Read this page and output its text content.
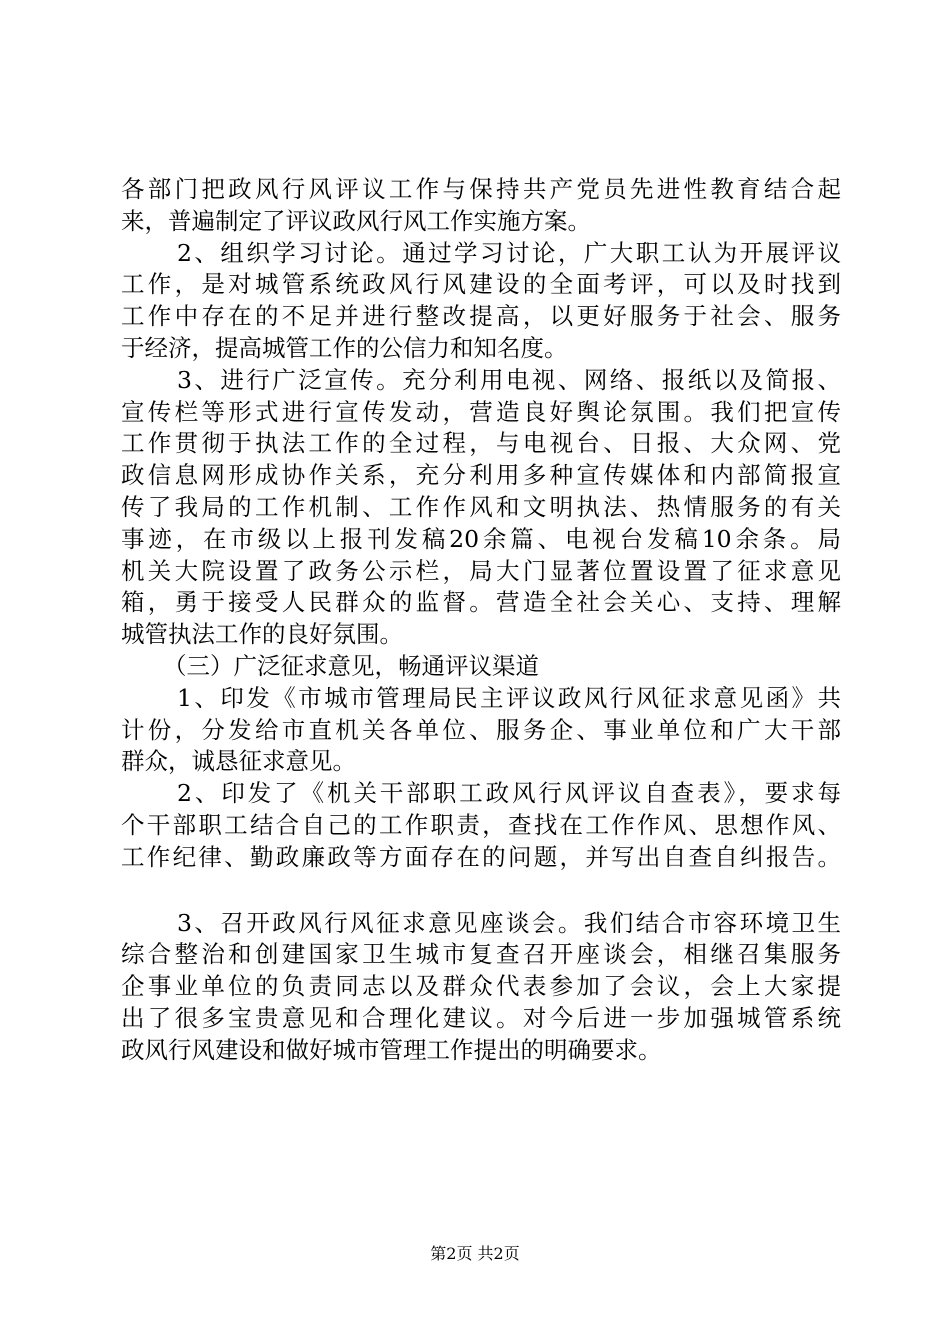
各部门把政风行风评议工作与保持共产党员先进性教育结合起
来，普遍制定了评议政风行风工作实施方案。
2、组织学习讨论。通过学习讨论，广大职工认为开展评议
工作，是对城管系统政风行风建设的全面考评，可以及时找到
工作中存在的不足并进行整改提高，以更好服务于社会、服务
于经济，提高城管工作的公信力和知名度。
3、进行广泛宣传。充分利用电视、网络、报纸以及简报、
宣传栏等形式进行宣传发动，营造良好舆论氛围。我们把宣传
工作贯彻于执法工作的全过程，与电视台、日报、大众网、党
政信息网形成协作关系，充分利用多种宣传媒体和内部简报宣
传了我局的工作机制、工作作风和文明执法、热情服务的有关
事迹，在市级以上报刊发稿20余篇、电视台发稿10余条。局
机关大院设置了政务公示栏，局大门显著位置设置了征求意见
箱，勇于接受人民群众的监督。营造全社会关心、支持、理解
城管执法工作的良好氛围。
（三）广泛征求意见，畅通评议渠道
1、印发《市城市管理局民主评议政风行风征求意见函》共
计份，分发给市直机关各单位、服务企、事业单位和广大干部
群众，诚恳征求意见。
2、印发了《机关干部职工政风行风评议自查表》，要求每
个干部职工结合自己的工作职责，查找在工作作风、思想作风、
工作纪律、勤政廉政等方面存在的问题，并写出自查自纠报告。
3、召开政风行风征求意见座谈会。我们结合市容环境卫生
综合整治和创建国家卫生城市复查召开座谈会，相继召集服务
企事业单位的负责同志以及群众代表参加了会议，会上大家提
出了很多宝贵意见和合理化建议。对今后进一步加强城管系统
政风行风建设和做好城市管理工作提出的明确要求。
第2页 共2页
